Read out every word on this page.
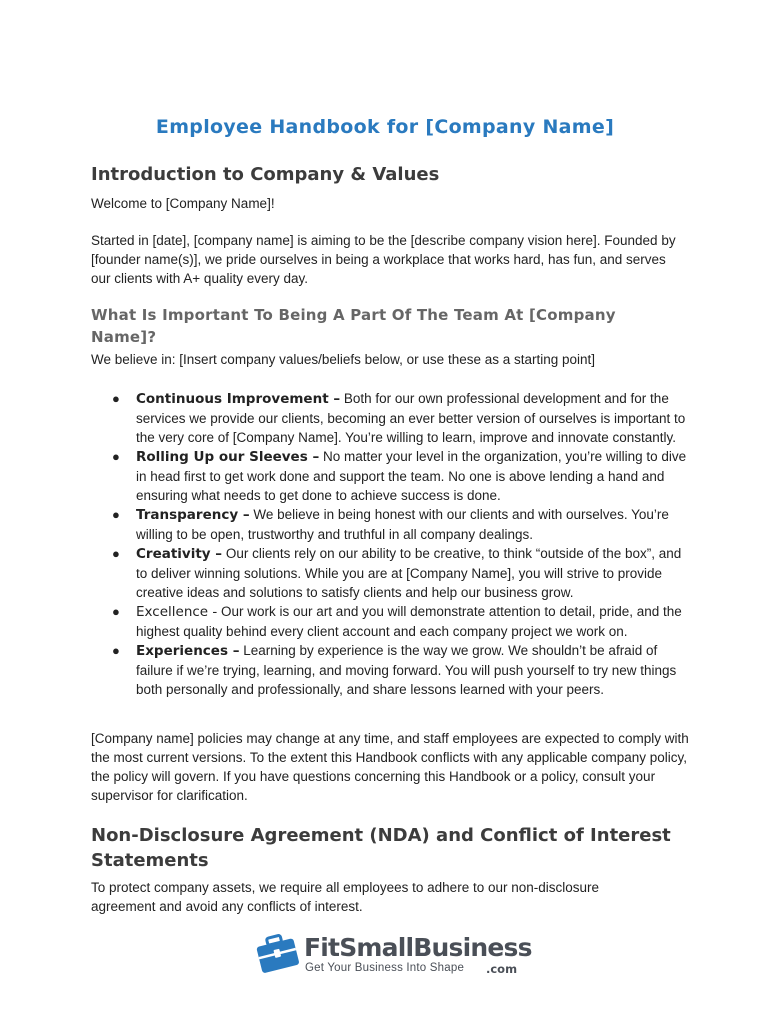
Employee Handbook for [Company Name]
Introduction to Company & Values

Welcome to [Company Name]!

Started in [date], [company name] is aiming to be the [describe company vision here]. Founded by [founder name(s)], we pride ourselves in being a workplace that works hard, has fun, and serves our clients with A+ quality every day.

What Is Important To Being A Part Of The Team At [Company Name]?

We believe in: [Insert company values/beliefs below, or use these as a starting point]

● Continuous Improvement – Both for our own professional development and for the services we provide our clients, becoming an ever better version of ourselves is important to the very core of [Company Name]. You’re willing to learn, improve and innovate constantly.
● Rolling Up our Sleeves – No matter your level in the organization, you’re willing to dive in head first to get work done and support the team. No one is above lending a hand and ensuring what needs to get done to achieve success is done.
● Transparency – We believe in being honest with our clients and with ourselves. You’re willing to be open, trustworthy and truthful in all company dealings.
● Creativity – Our clients rely on our ability to be creative, to think “outside of the box”, and to deliver winning solutions. While you are at [Company Name], you will strive to provide creative ideas and solutions to satisfy clients and help our business grow.
● Excellence - Our work is our art and you will demonstrate attention to detail, pride, and the highest quality behind every client account and each company project we work on.
● Experiences – Learning by experience is the way we grow. We shouldn’t be afraid of failure if we’re trying, learning, and moving forward. You will push yourself to try new things both personally and professionally, and share lessons learned with your peers.

[Company name] policies may change at any time, and staff employees are expected to comply with the most current versions. To the extent this Handbook conflicts with any applicable company policy, the policy will govern. If you have questions concerning this Handbook or a policy, consult your supervisor for clarification.

Non-Disclosure Agreement (NDA) and Conflict of Interest Statements

To protect company assets, we require all employees to adhere to our non-disclosure agreement and avoid any conflicts of interest.

FitSmallBusiness
Get Your Business Into Shape .com
